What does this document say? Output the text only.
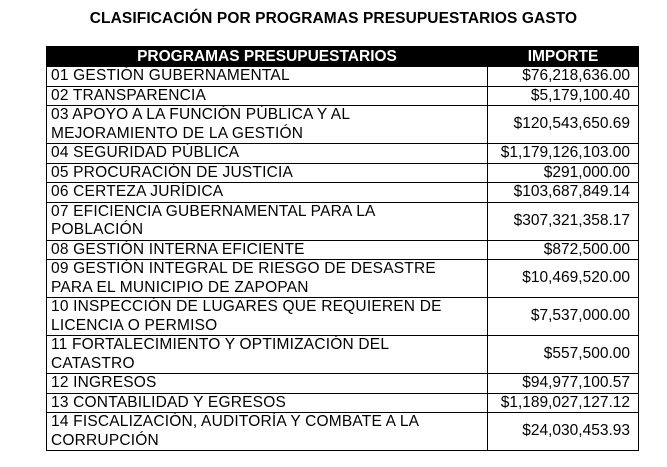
CLASIFICACIÓN POR PROGRAMAS PRESUPUESTARIOS GASTO
PROGRAMAS PRESUPUESTARIOS	IMPORTE

01 GESTIÓN GUBERNAMENTAL	$76,218,636.00

02 TRANSPARENCIA	$5,179,100.40

03 APOYO A LA FUNCIÓN PÚBLICA Y AL
MEJORAMIENTO DE LA GESTIÓN	$120,543,650.69

04 SEGURIDAD PÚBLICA	$1,179,126,103.00

05 PROCURACIÓN DE JUSTICIA	$291,000.00

06 CERTEZA JURÍDICA	$103,687,849.14

07 EFICIENCIA GUBERNAMENTAL PARA LA
POBLACIÓN	$307,321,358.17

08 GESTIÓN INTERNA EFICIENTE	$872,500.00

09 GESTIÓN INTEGRAL DE RIESGO DE DESASTRE
PARA EL MUNICIPIO DE ZAPOPAN	$10,469,520.00

10 INSPECCIÓN DE LUGARES QUE REQUIEREN DE
LICENCIA O PERMISO	$7,537,000.00

11 FORTALECIMIENTO Y OPTIMIZACIÓN DEL
CATASTRO	$557,500.00

12 INGRESOS	$94,977,100.57

13 CONTABILIDAD Y EGRESOS	$1,189,027,127.12

14 FISCALIZACIÓN, AUDITORÍA Y COMBATE A LA
CORRUPCIÓN	$24,030,453.93
